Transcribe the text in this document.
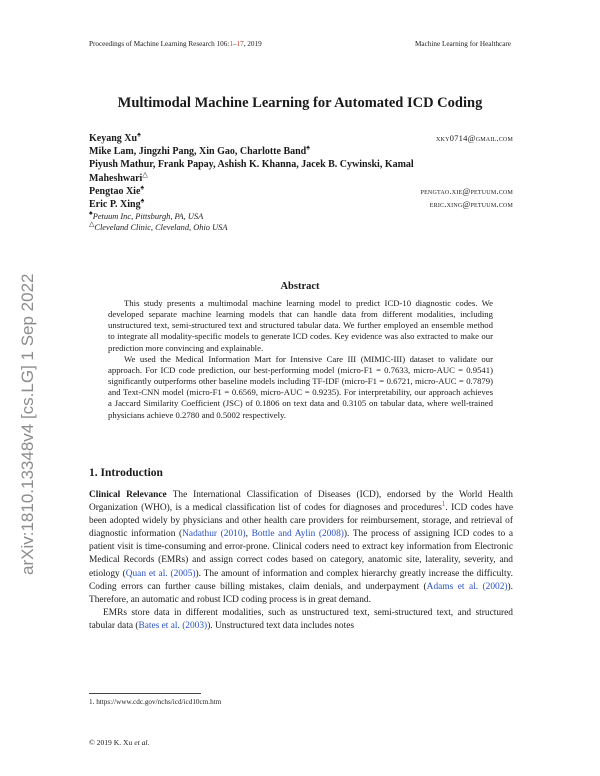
Proceedings of Machine Learning Research 106:1–17, 2019	Machine Learning for Healthcare
arXiv:1810.13348v4 [cs.LG] 1 Sep 2022
Multimodal Machine Learning for Automated ICD Coding
Keyang Xu♠	xky0714@gmail.com
Mike Lam, Jingzhi Pang, Xin Gao, Charlotte Band♠
Piyush Mathur, Frank Papay, Ashish K. Khanna, Jacek B. Cywinski, Kamal
Maheshwari△
Pengtao Xie♠	pengtao.xie@petuum.com
Eric P. Xing♠	eric.xing@petuum.com
♠Petuum Inc, Pittsburgh, PA, USA
△Cleveland Clinic, Cleveland, Ohio USA
Abstract

This study presents a multimodal machine learning model to predict ICD-10 diagnostic codes. We developed separate machine learning models that can handle data from different modalities, including unstructured text, semi-structured text and structured tabular data. We further employed an ensemble method to integrate all modality-specific models to generate ICD codes. Key evidence was also extracted to make our prediction more convincing and explainable.

We used the Medical Information Mart for Intensive Care III (MIMIC-III) dataset to validate our approach. For ICD code prediction, our best-performing model (micro-F1 = 0.7633, micro-AUC = 0.9541) significantly outperforms other baseline models including TF-IDF (micro-F1 = 0.6721, micro-AUC = 0.7879) and Text-CNN model (micro-F1 = 0.6569, micro-AUC = 0.9235). For interpretability, our approach achieves a Jaccard Similarity Coefficient (JSC) of 0.1806 on text data and 0.3105 on tabular data, where well-trained physicians achieve 0.2780 and 0.5002 respectively.

1. Introduction

Clinical Relevance The International Classification of Diseases (ICD), endorsed by the World Health Organization (WHO), is a medical classification list of codes for diagnoses and procedures$^1$. ICD codes have been adopted widely by physicians and other health care providers for reimbursement, storage, and retrieval of diagnostic information (Nadathur (2010), Bottle and Aylin (2008)). The process of assigning ICD codes to a patient visit is time-consuming and error-prone. Clinical coders need to extract key information from Electronic Medical Records (EMRs) and assign correct codes based on category, anatomic site, laterality, severity, and etiology (Quan et al. (2005)). The amount of information and complex hierarchy greatly increase the difficulty. Coding errors can further cause billing mistakes, claim denials, and underpayment (Adams et al. (2002)). Therefore, an automatic and robust ICD coding process is in great demand.

EMRs store data in different modalities, such as unstructured text, semi-structured text, and structured tabular data (Bates et al. (2003)). Unstructured text data includes notes

1. https://www.cdc.gov/nchs/icd/icd10cm.htm
© 2019 K. Xu et al.
